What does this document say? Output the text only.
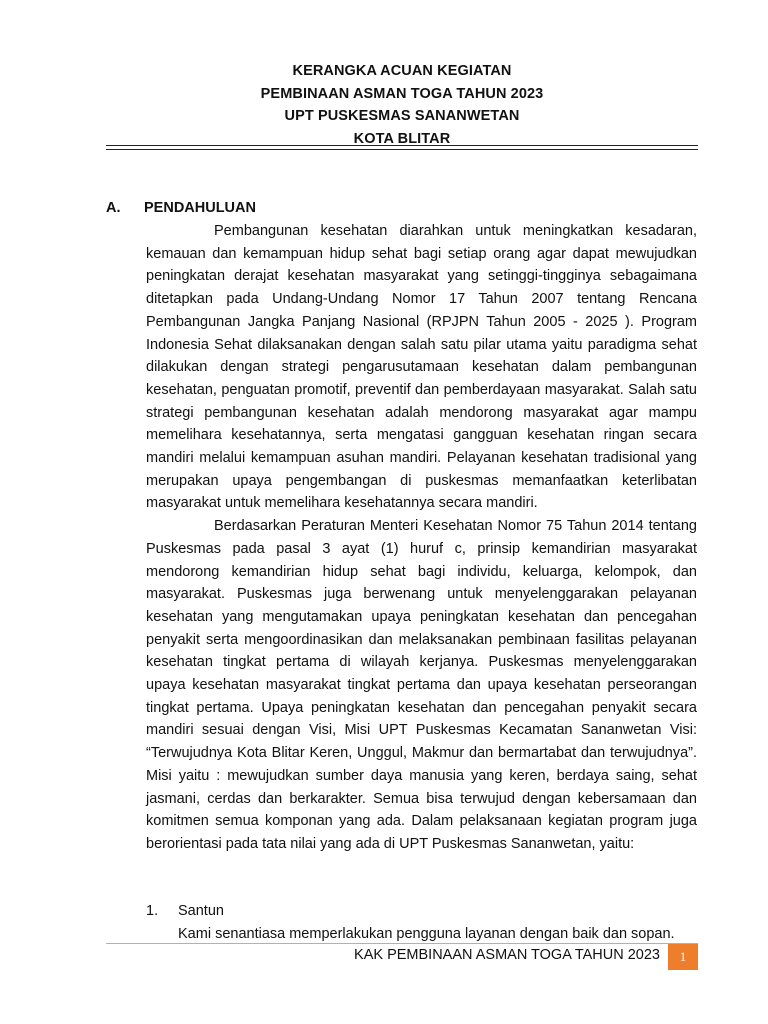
KERANGKA ACUAN KEGIATAN
PEMBINAAN ASMAN TOGA TAHUN 2023
UPT PUSKESMAS SANANWETAN
KOTA BLITAR
A. PENDAHULUAN

Pembangunan kesehatan diarahkan untuk meningkatkan kesadaran, kemauan dan kemampuan hidup sehat bagi setiap orang agar dapat mewujudkan peningkatan derajat kesehatan masyarakat yang setinggi-tingginya sebagaimana ditetapkan pada Undang-Undang Nomor 17 Tahun 2007 tentang Rencana Pembangunan Jangka Panjang Nasional (RPJPN Tahun 2005 - 2025 ). Program Indonesia Sehat dilaksanakan dengan salah satu pilar utama yaitu paradigma sehat dilakukan dengan strategi pengarusutamaan kesehatan dalam pembangunan kesehatan, penguatan promotif, preventif dan pemberdayaan masyarakat. Salah satu strategi pembangunan kesehatan adalah mendorong masyarakat agar mampu memelihara kesehatannya, serta mengatasi gangguan kesehatan ringan secara mandiri melalui kemampuan asuhan mandiri. Pelayanan kesehatan tradisional yang merupakan upaya pengembangan di puskesmas memanfaatkan keterlibatan masyarakat untuk memelihara kesehatannya secara mandiri.

Berdasarkan Peraturan Menteri Kesehatan Nomor 75 Tahun 2014 tentang Puskesmas pada pasal 3 ayat (1) huruf c, prinsip kemandirian masyarakat mendorong kemandirian hidup sehat bagi individu, keluarga, kelompok, dan masyarakat. Puskesmas juga berwenang untuk menyelenggarakan pelayanan kesehatan yang mengutamakan upaya peningkatan kesehatan dan pencegahan penyakit serta mengoordinasikan dan melaksanakan pembinaan fasilitas pelayanan kesehatan tingkat pertama di wilayah kerjanya. Puskesmas menyelenggarakan upaya kesehatan masyarakat tingkat pertama dan upaya kesehatan perseorangan tingkat pertama. Upaya peningkatan kesehatan dan pencegahan penyakit secara mandiri sesuai dengan Visi, Misi UPT Puskesmas Kecamatan Sananwetan Visi: “Terwujudnya Kota Blitar Keren, Unggul, Makmur dan bermartabat dan terwujudnya”. Misi yaitu : mewujudkan sumber daya manusia yang keren, berdaya saing, sehat jasmani, cerdas dan berkarakter. Semua bisa terwujud dengan kebersamaan dan komitmen semua komponan yang ada. Dalam pelaksanaan kegiatan program juga berorientasi pada tata nilai yang ada di UPT Puskesmas Sananwetan, yaitu:

1. Santun
Kami senantiasa memperlakukan pengguna layanan dengan baik dan sopan.
KAK PEMBINAAN ASMAN TOGA TAHUN 2023	1
